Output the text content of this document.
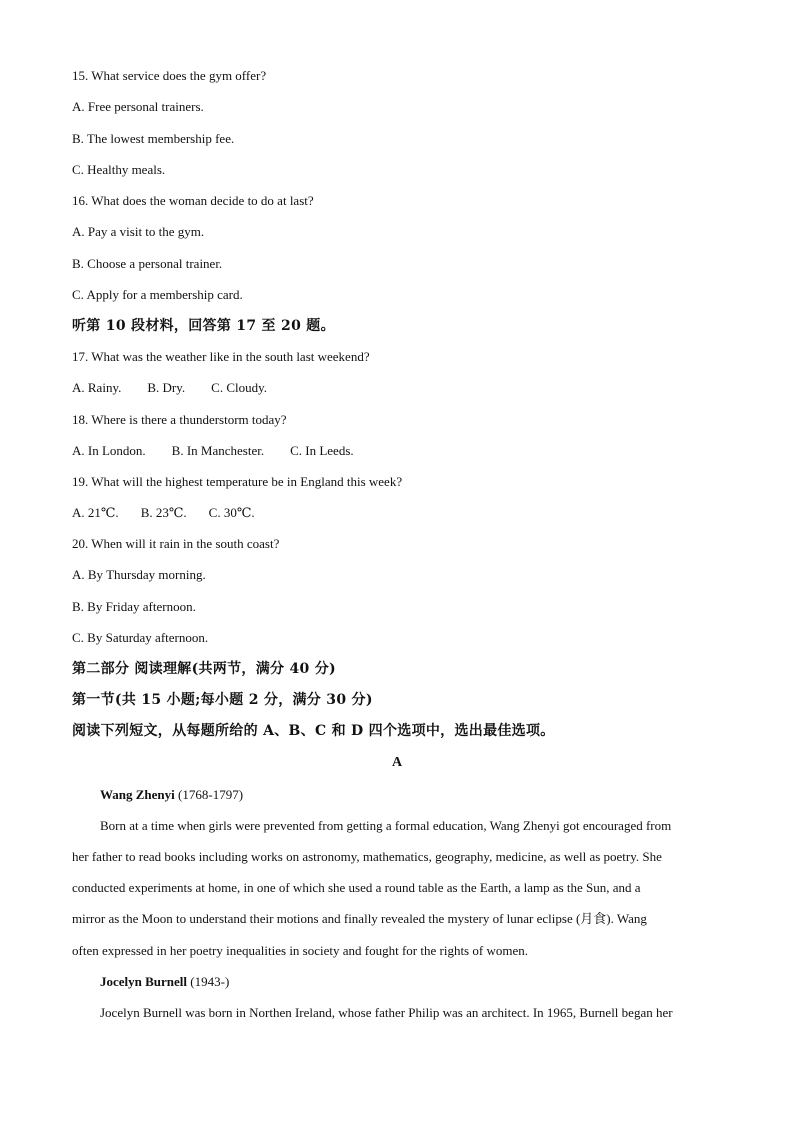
15. What service does the gym offer?
A. Free personal trainers.
B. The lowest membership fee.
C. Healthy meals.
16. What does the woman decide to do at last?
A. Pay a visit to the gym.
B. Choose a personal trainer.
C. Apply for a membership card.
听第 10 段材料，回答第 17 至 20 题。
17. What was the weather like in the south last weekend?
A. Rainy. B. Dry. C. Cloudy.
18. Where is there a thunderstorm today?
A. In London. B. In Manchester. C. In Leeds.
19. What will the highest temperature be in England this week?
A. 21℃. B. 23℃. C. 30℃.
20. When will it rain in the south coast?
A. By Thursday morning.
B. By Friday afternoon.
C. By Saturday afternoon.
第二部分 阅读理解(共两节，满分 40 分)
第一节(共 15 小题;每小题 2 分，满分 30 分)
阅读下列短文，从每题所给的 A、B、C 和 D 四个选项中，选出最佳选项。
A
Wang Zhenyi (1768-1797)
Born at a time when girls were prevented from getting a formal education, Wang Zhenyi got encouraged from
her father to read books including works on astronomy, mathematics, geography, medicine, as well as poetry. She
conducted experiments at home, in one of which she used a round table as the Earth, a lamp as the Sun, and a
mirror as the Moon to understand their motions and finally revealed the mystery of lunar eclipse (月食). Wang
often expressed in her poetry inequalities in society and fought for the rights of women.
Jocelyn Burnell (1943-)
Jocelyn Burnell was born in Northen Ireland, whose father Philip was an architect. In 1965, Burnell began her
